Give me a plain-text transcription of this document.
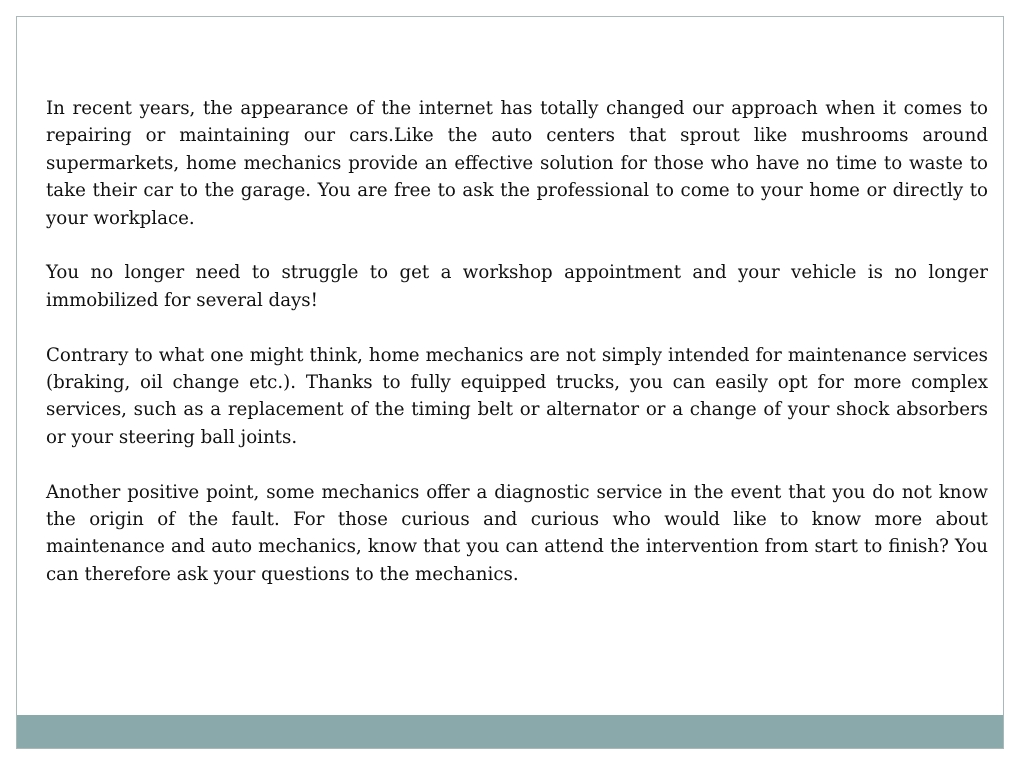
In recent years, the appearance of the internet has totally changed our approach when it comes to repairing or maintaining our cars.Like the auto centers that sprout like mushrooms around supermarkets, home mechanics provide an effective solution for those who have no time to waste to take their car to the garage. You are free to ask the professional to come to your home or directly to your workplace.

You no longer need to struggle to get a workshop appointment and your vehicle is no longer immobilized for several days!

Contrary to what one might think, home mechanics are not simply intended for maintenance services (braking, oil change etc.). Thanks to fully equipped trucks, you can easily opt for more complex services, such as a replacement of the timing belt or alternator or a change of your shock absorbers or your steering ball joints.

Another positive point, some mechanics offer a diagnostic service in the event that you do not know the origin of the fault. For those curious and curious who would like to know more about maintenance and auto mechanics, know that you can attend the intervention from start to finish? You can therefore ask your questions to the mechanics.
